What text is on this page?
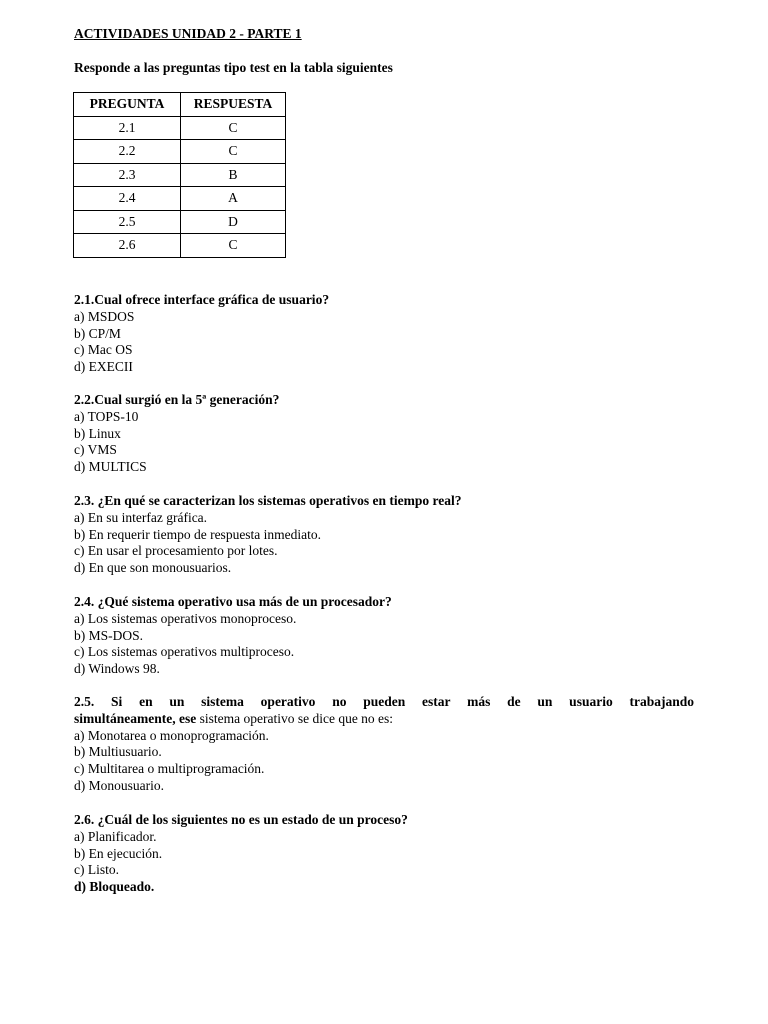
ACTIVIDADES UNIDAD 2 - PARTE 1
Responde a las preguntas tipo test en la tabla siguientes
PREGUNTA	RESPUESTA
2.1	C
2.2	C
2.3	B
2.4	A
2.5	D
2.6	C
2.1.Cual ofrece interface gráfica de usuario?
a) MSDOS
b) CP/M
c) Mac OS
d) EXECII
2.2.Cual surgió en la 5ª generación?
a) TOPS-10
b) Linux
c) VMS
d) MULTICS
2.3. ¿En qué se caracterizan los sistemas operativos en tiempo real?
a) En su interfaz gráfica.
b) En requerir tiempo de respuesta inmediato.
c) En usar el procesamiento por lotes.
d) En que son monousuarios.
2.4. ¿Qué sistema operativo usa más de un procesador?
a) Los sistemas operativos monoproceso.
b) MS-DOS.
c) Los sistemas operativos multiproceso.
d) Windows 98.
2.5. Si en un sistema operativo no pueden estar más de un usuario trabajando
simultáneamente, ese sistema operativo se dice que no es:
a) Monotarea o monoprogramación.
b) Multiusuario.
c) Multitarea o multiprogramación.
d) Monousuario.
2.6. ¿Cuál de los siguientes no es un estado de un proceso?
a) Planificador.
b) En ejecución.
c) Listo.
d) Bloqueado.
